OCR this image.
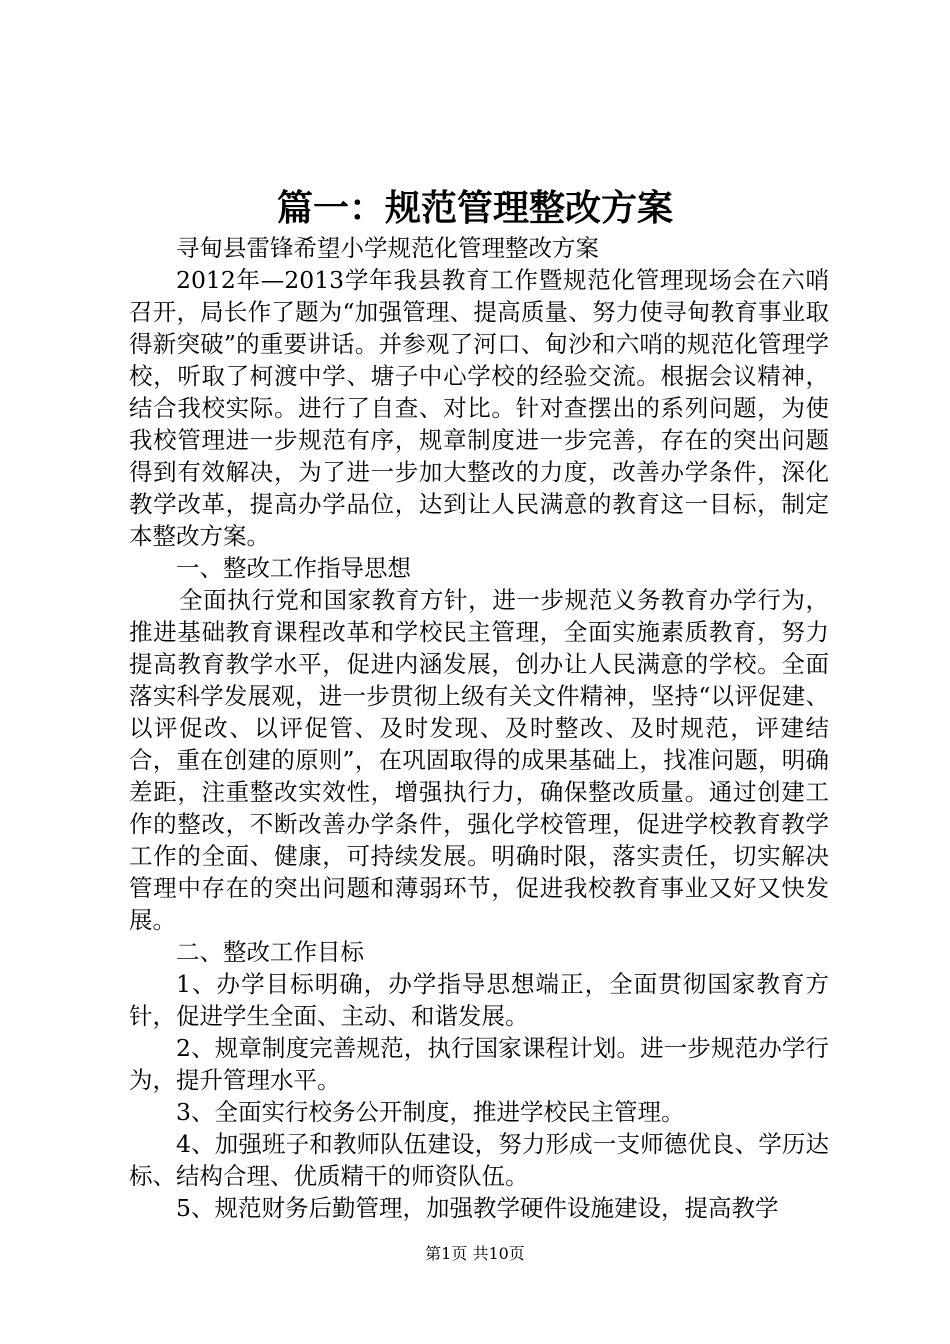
篇一：规范管理整改方案

寻甸县雷锋希望小学规范化管理整改方案

2012年—2013学年我县教育工作暨规范化管理现场会在六哨召开，局长作了题为“加强管理、提高质量、努力使寻甸教育事业取得新突破”的重要讲话。并参观了河口、甸沙和六哨的规范化管理学校，听取了柯渡中学、塘子中心学校的经验交流。根据会议精神，结合我校实际。进行了自查、对比。针对查摆出的系列问题，为使我校管理进一步规范有序，规章制度进一步完善，存在的突出问题得到有效解决，为了进一步加大整改的力度，改善办学条件，深化教学改革，提高办学品位，达到让人民满意的教育这一目标，制定本整改方案。

一、整改工作指导思想

全面执行党和国家教育方针，进一步规范义务教育办学行为，推进基础教育课程改革和学校民主管理，全面实施素质教育，努力提高教育教学水平，促进内涵发展，创办让人民满意的学校。全面落实科学发展观，进一步贯彻上级有关文件精神，坚持“以评促建、以评促改、以评促管、及时发现、及时整改、及时规范，评建结合，重在创建的原则”，在巩固取得的成果基础上，找准问题，明确差距，注重整改实效性，增强执行力，确保整改质量。通过创建工作的整改，不断改善办学条件，强化学校管理，促进学校教育教学工作的全面、健康，可持续发展。明确时限，落实责任，切实解决管理中存在的突出问题和薄弱环节，促进我校教育事业又好又快发展。

二、整改工作目标

1、办学目标明确，办学指导思想端正，全面贯彻国家教育方针，促进学生全面、主动、和谐发展。

2、规章制度完善规范，执行国家课程计划。进一步规范办学行为，提升管理水平。

3、全面实行校务公开制度，推进学校民主管理。

4、加强班子和教师队伍建设，努力形成一支师德优良、学历达标、结构合理、优质精干的师资队伍。

5、规范财务后勤管理，加强教学硬件设施建设，提高教学

第1页 共10页
